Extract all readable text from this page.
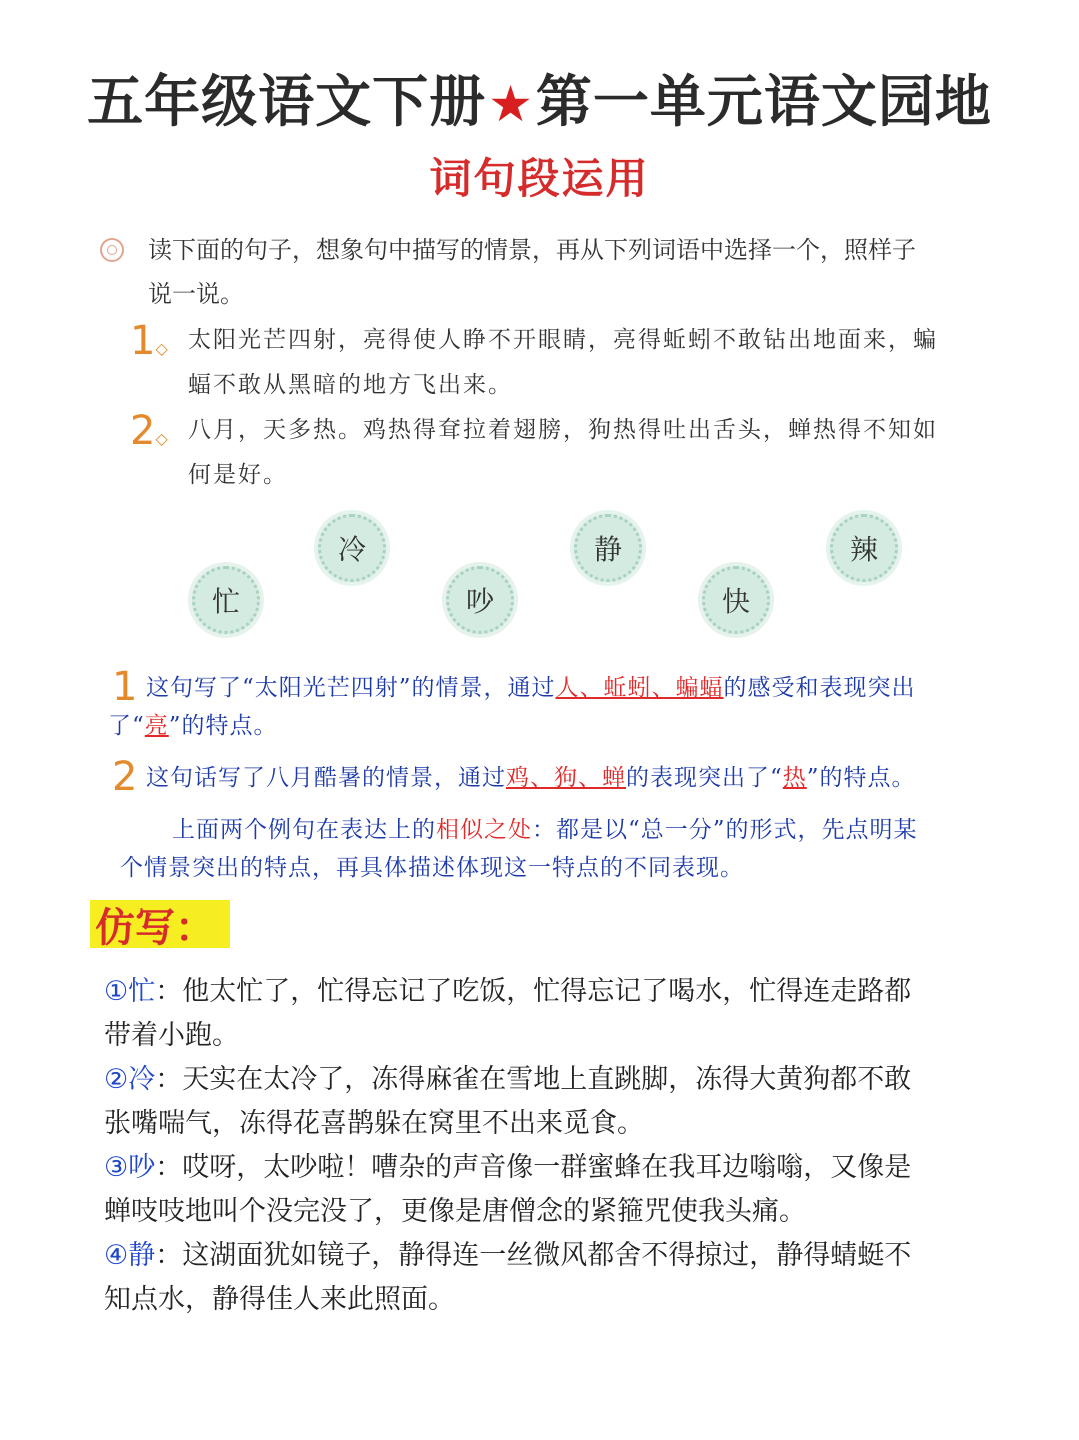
五年级语文下册★第一单元语文园地
词句段运用
读下面的句子，想象句中描写的情景，再从下列词语中选择一个，照样子
说一说。
1◇ 太阳光芒四射，亮得使人睁不开眼睛，亮得蚯蚓不敢钻出地面来，蝙
蝠不敢从黑暗的地方飞出来。
2◇ 八月，天多热。鸡热得耷拉着翅膀，狗热得吐出舌头，蝉热得不知如
何是好。
冷	静	辣
忙	吵	快
1 这句写了“太阳光芒四射”的情景，通过人、蚯蚓、蝙蝠的感受和表现突出
了“亮”的特点。
2 这句话写了八月酷暑的情景，通过鸡、狗、蝉的表现突出了“热”的特点。
上面两个例句在表达上的相似之处：都是以“总一分”的形式，先点明某
个情景突出的特点，再具体描述体现这一特点的不同表现。
仿写：
①忙：他太忙了，忙得忘记了吃饭，忙得忘记了喝水，忙得连走路都
带着小跑。
②冷：天实在太冷了，冻得麻雀在雪地上直跳脚，冻得大黄狗都不敢
张嘴喘气，冻得花喜鹊躲在窝里不出来觅食。
③吵：哎呀，太吵啦！嘈杂的声音像一群蜜蜂在我耳边嗡嗡，又像是
蝉吱吱地叫个没完没了，更像是唐僧念的紧箍咒使我头痛。
④静：这湖面犹如镜子，静得连一丝微风都舍不得掠过，静得蜻蜓不
知点水，静得佳人来此照面。
